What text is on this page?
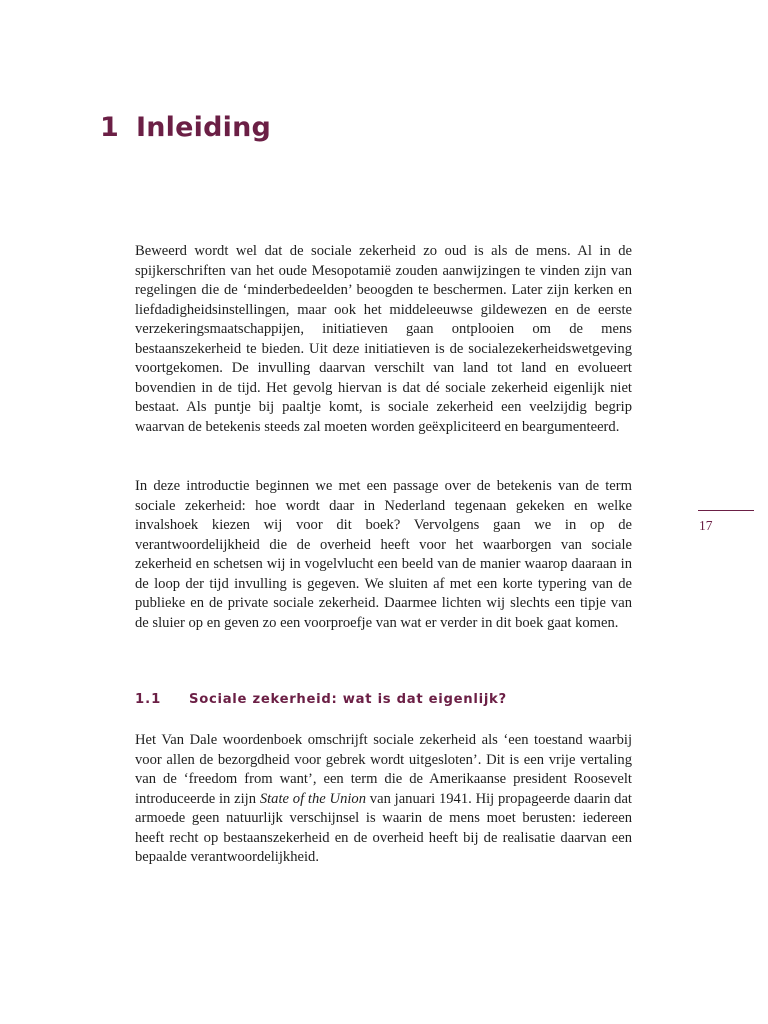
1 Inleiding

Beweerd wordt wel dat de sociale zekerheid zo oud is als de mens. Al in de spijkerschriften van het oude Mesopotamië zouden aanwijzingen te vinden zijn van regelingen die de ‘minderbedeelden’ beoogden te beschermen. Later zijn kerken en liefdadigheidsinstellingen, maar ook het middeleeuwse gildewezen en de eerste verzekeringsmaatschappijen, initiatieven gaan ontplooien om de mens bestaanszekerheid te bieden. Uit deze initiatieven is de socialezekerheidswetgeving voortgekomen. De invulling daarvan verschilt van land tot land en evolueert bovendien in de tijd. Het gevolg hiervan is dat dé sociale zekerheid eigenlijk niet bestaat. Als puntje bij paaltje komt, is sociale zekerheid een veelzijdig begrip waarvan de betekenis steeds zal moeten worden geëxpliciteerd en beargumenteerd.

In deze introductie beginnen we met een passage over de betekenis van de term sociale zekerheid: hoe wordt daar in Nederland tegenaan gekeken en welke invalshoek kiezen wij voor dit boek? Vervolgens gaan we in op de verantwoordelijkheid die de overheid heeft voor het waarborgen van sociale zekerheid en schetsen wij in vogelvlucht een beeld van de manier waarop daaraan in de loop der tijd invulling is gegeven. We sluiten af met een korte typering van de publieke en de private sociale zekerheid. Daarmee lichten wij slechts een tipje van de sluier op en geven zo een voorproefje van wat er verder in dit boek gaat komen.

1.1 Sociale zekerheid: wat is dat eigenlijk?

Het Van Dale woordenboek omschrijft sociale zekerheid als ‘een toestand waarbij voor allen de bezorgdheid voor gebrek wordt uitgesloten’. Dit is een vrije vertaling van de ‘freedom from want’, een term die de Amerikaanse president Roosevelt introduceerde in zijn State of the Union van januari 1941. Hij propageerde daarin dat armoede geen natuurlijk verschijnsel is waarin de mens moet berusten: iedereen heeft recht op bestaanszekerheid en de overheid heeft bij de realisatie daarvan een bepaalde verantwoordelijkheid.

17
